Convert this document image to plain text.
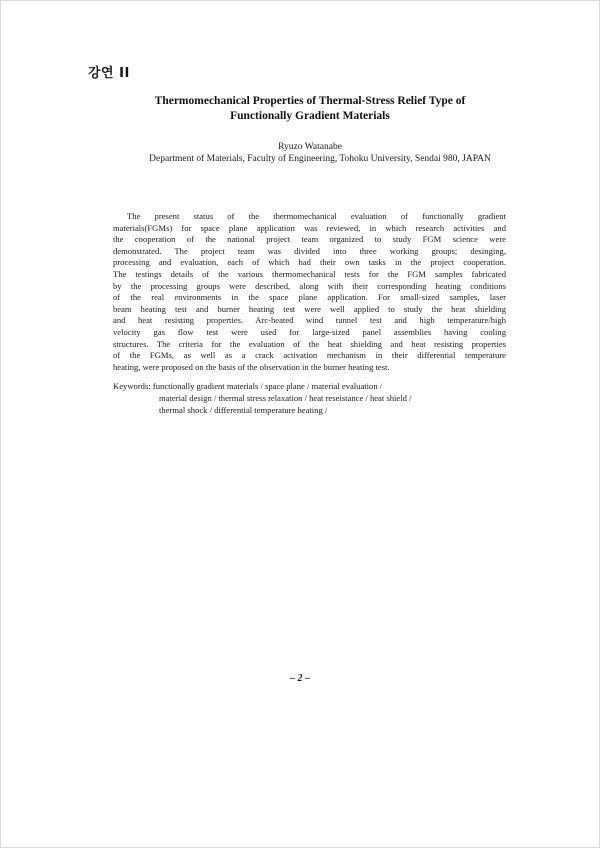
강연 II
Thermomechanical Properties of Thermal-Stress Relief Type of
Functionally Gradient Materials
Ryuzo Watanabe
Department of Materials, Faculty of Engineering, Tohoku University, Sendai 980, JAPAN
The present status of the thermomechanical evaluation of functionally gradient
materials(FGMs) for space plane application was reviewed, in which research activities and
the cooperation of the national project team organized to study FGM science were
demonstrated. The project team was divided into three working groups; desinging,
processing and evaluation, each of which had their own tasks in the project cooperation.
The testings details of the various thermomechanical tests for the FGM samples fabricated
by the processing groups were described, along with their corresponding heating conditions
of the real environments in the space plane application. For small-sized samples, laser
beam heating test and burner heating test were well applied to study the heat shielding
and heat resisting properties. Arc-heated wind tunnel test and high temperature/high
velocity gas flow test were used for large-sized panel assemblies having cooling
structures. The criteria for the evaluation of the heat shielding and heat resisting properties
of the FGMs, as well as a crack activation mechanism in their differential temperature
heating, were proposed on the basis of the observation in the burner heating test.
Keywords: functionally gradient materials / space plane / material evaluation /
material design / thermal stress relaxation / heat reseistance / heat shield /
thermal shock / differential temperature heating /
– 2 –
